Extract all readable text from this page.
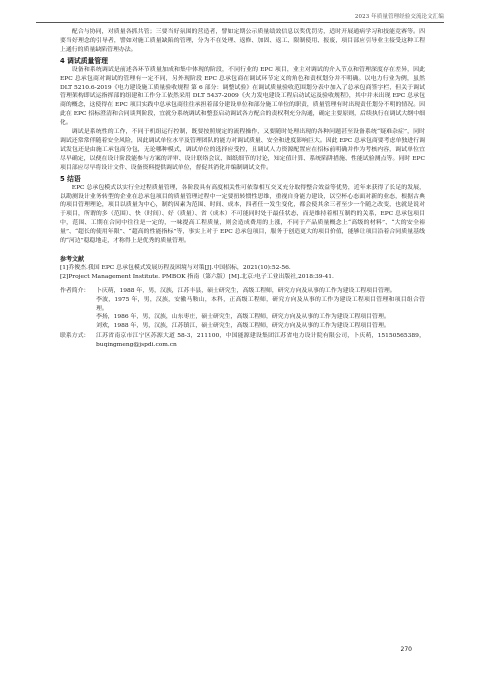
2023 年质量管理经验交流论文汇编

配合与协同，对质量各抓共管；三要当好氛围的营造者，譬如定期公示质量绩效信息以奖优罚劣，适时开展通病学习和技能竞赛等。四要当好理念的引导者，譬如对施工质量缺陷的管理，分为不在处理、返修、加固、返工、限制使用、报废，项目部应引导业主接受这种工程上通行的质量缺陷管理办法。

4 调试质量管理

设备和系统调试是前述各环节质量加成和集中体现的阶段，不同行业的 EPC 项目，业主对调试的介入节点和管理深度存在差异，因此 EPC 总承包商对调试的管理有一定不同，另外现阶段 EPC 总承包商在调试环节定义的角色和责权划分并不明确。以电力行业为例，虽然DLT 5210.6-2019《电力建设施工质量验收规程 第 6 部分：调整试验》在调试质量验收范围划分表中加入了总承包商签字栏，但关于调试管理架构即试运指挥部的组建和工作分工依然采用 DLT 5437-2009《火力发电建设工程启动试运及验收规程》，其中并未出现 EPC 总承包商的概念，这使得在 EPC 项目实践中总承包商往往承担着部分建设单位和部分施工单位的职责，质量管理有时出现责任划分不明的情况。因此在 EPC 招标澄清和合同谈判阶段，宜就分系统调试和整套启动调试各方配合的责权利充分沟通，确定主要原则，后续执行在调试大纲中细化。

调试是系统性的工作，不同于机组运行控制，既要按照规定的流程操作，又要随时处理出现的各种问题甚至设备系统“疑难杂症”，同时调试还常常伴随着安全风险，因此调试单位水平及管理团队的能力对调试质量、安全和进度影响巨大。因此 EPC 总承包商要考虑单独进行调试发包还是由施工承包商分包，无论哪种模式，调试单位的选择应受控，且调试人力资源配置应在招标前明确并作为考核内容，调试单位宜尽早确定，以便在设计阶段能参与方案的评审、设计联络会议、图纸细节的讨论，知定值计算、系统陷阱措施、性能试验测点等。同时 EPC 项目部应尽早将设计文件、设备资料提供调试单位，督促其消化并编制调试文件。

5 结语

EPC 总承包模式以实行全过程质量管理，各阶段具有高度相关性可依靠相互交叉充分取得整合效益等优势，近年来获得了长足的发展，以勘测设计业务转型的企业在总承包项目的质量管理过程中一定要扭转惯性思维，重视自身能力建设，以空杯心态面对新的业态，根据古典的项目管理理论，项目以质量为中心，制约因素为范围、时间、成本，四者任一发生变化，都会使其余三者至少一个随之改变，也就是说对于项目，所谓的多（范围）、快（时间）、好（质量）、省（成本）不可能同时处于最佳状态，而是维持着相互制约的关系，EPC 总承包项目中，范围、工期在合同中往往是一定的，一味提高工程质量，则会造成费用的上涨，不同于产品质量概念上“高级的材料”、“大的安全裕量”、“超长的使用年限”、“超高的性能指标”等，事实上对于 EPC 总承包项目，服务于创造更大的项目价值，能够让项目沿着合同质量基线的“河边”稳稳地走，才称得上是优秀的质量管理。

参考文献

[1]乔俊杰.我国 EPC 总承包模式发展历程及困境与对策[J].中国招标，2021(10):52-56.

[2]Project Management Institute. PMBOK 指南（第六版）[M].北京:电子工业出版社,2018:39-41.

作者简介：	卜庆萌，1988 年，男，汉族，江苏丰县，硕士研究生，高级工程师，研究方向及从事的工作为建设工程项目管理。
李波，1975 年，男，汉族，安徽马鞍山，本科，正高级工程师，研究方向及从事的工作为建设工程项目管理和项目组合管理。
李扬，1986 年，男，汉族，山东枣庄，硕士研究生，高级工程师，研究方向及从事的工作为建设工程项目管理。
刘欢，1988 年，男，汉族，江苏镇江，硕士研究生，高级工程师，研究方向及从事的工作为建设工程项目管理。
联系方式：	江苏省南京市江宁区苏源大道 58-3，211100，中国能源建设集团江苏省电力设计院有限公司，卜庆萌，15150565389，buqingmeng@jspdi.com.cn
270
